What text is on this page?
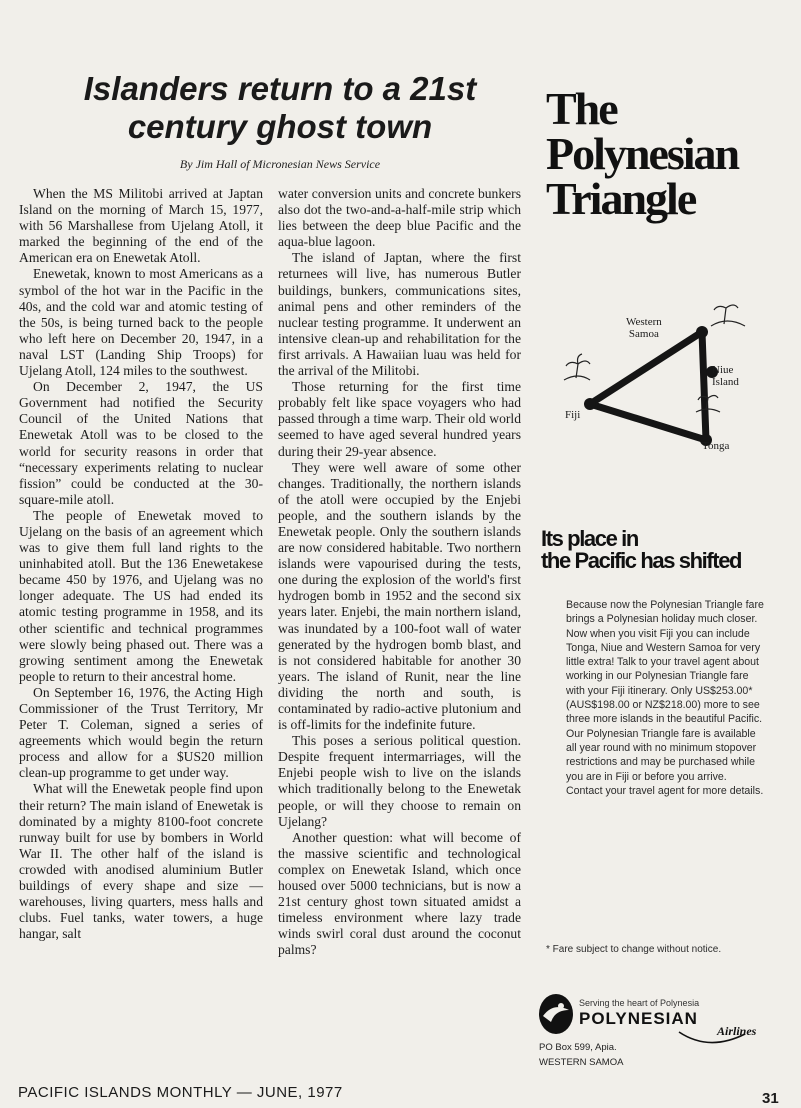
Islanders return to a 21st century ghost town
By Jim Hall of Micronesian News Service

When the MS Militobi arrived at Japtan Island on the morning of March 15, 1977, with 56 Marshallese from Ujelang Atoll, it marked the beginning of the end of the American era on Enewetak Atoll.

Enewetak, known to most Americans as a symbol of the hot war in the Pacific in the 40s, and the cold war and atomic testing of the 50s, is being turned back to the people who left here on December 20, 1947, in a naval LST (Landing Ship Troops) for Ujelang Atoll, 124 miles to the southwest.

On December 2, 1947, the US Government had notified the Security Council of the United Nations that Enewetak Atoll was to be closed to the world for security reasons in order that “necessary experiments relating to nuclear fission” could be conducted at the 30-square-mile atoll.

The people of Enewetak moved to Ujelang on the basis of an agreement which was to give them full land rights to the uninhabited atoll. But the 136 Enewetakese became 450 by 1976, and Ujelang was no longer adequate. The US had ended its atomic testing programme in 1958, and its other scientific and technical programmes were slowly being phased out. There was a growing sentiment among the Enewetak people to return to their ancestral home.

On September 16, 1976, the Acting High Commissioner of the Trust Territory, Mr Peter T. Coleman, signed a series of agreements which would begin the return process and allow for a $US20 million clean-up programme to get under way.

What will the Enewetak people find upon their return? The main island of Enewetak is dominated by a mighty 8100-foot concrete runway built for use by bombers in World War II. The other half of the island is crowded with anodised aluminium Butler buildings of every shape and size — warehouses, living quarters, mess halls and clubs. Fuel tanks, water towers, a huge hangar, salt

water conversion units and concrete bunkers also dot the two-and-a-half-mile strip which lies between the deep blue Pacific and the aqua-blue lagoon.

The island of Japtan, where the first returnees will live, has numerous Butler buildings, bunkers, communications sites, animal pens and other reminders of the nuclear testing programme. It underwent an intensive clean-up and rehabilitation for the first arrivals. A Hawaiian luau was held for the arrival of the Militobi.

Those returning for the first time probably felt like space voyagers who had passed through a time warp. Their old world seemed to have aged several hundred years during their 29-year absence.

They were well aware of some other changes. Traditionally, the northern islands of the atoll were occupied by the Enjebi people, and the southern islands by the Enewetak people. Only the southern islands are now considered habitable. Two northern islands were vapourised during the tests, one during the explosion of the world's first hydrogen bomb in 1952 and the second six years later. Enjebi, the main northern island, was inundated by a 100-foot wall of water generated by the hydrogen bomb blast, and is not considered habitable for another 30 years. The island of Runit, near the line dividing the north and south, is contaminated by radio-active plutonium and is off-limits for the indefinite future.

This poses a serious political question. Despite frequent intermarriages, will the Enjebi people wish to live on the islands which traditionally belong to the Enewetak people, or will they choose to remain on Ujelang?

Another question: what will become of the massive scientific and technological complex on Enewetak Island, which once housed over 5000 technicians, but is now a 21st century ghost town situated amidst a timeless environment where lazy trade winds swirl coral dust around the coconut palms?

PACIFIC ISLANDS MONTHLY — JUNE, 1977	31
The
Polynesian
Triangle
Western
Samoa
Niue
Island
Fiji
Tonga
Its place in
the Pacific has shifted

Because now the Polynesian Triangle fare brings a Polynesian holiday much closer. Now when you visit Fiji you can include Tonga, Niue and Western Samoa for very little extra! Talk to your travel agent about working in our Polynesian Triangle fare with your Fiji itinerary. Only US$253.00* (AUS$198.00 or NZ$218.00) more to see three more islands in the beautiful Pacific. Our Polynesian Triangle fare is available all year round with no minimum stopover restrictions and may be purchased while you are in Fiji or before you arrive.

Contact your travel agent for more details.

* Fare subject to change without notice.
Serving the heart of Polynesia
POLYNESIAN
Airlines
PO Box 599, Apia.
WESTERN SAMOA
